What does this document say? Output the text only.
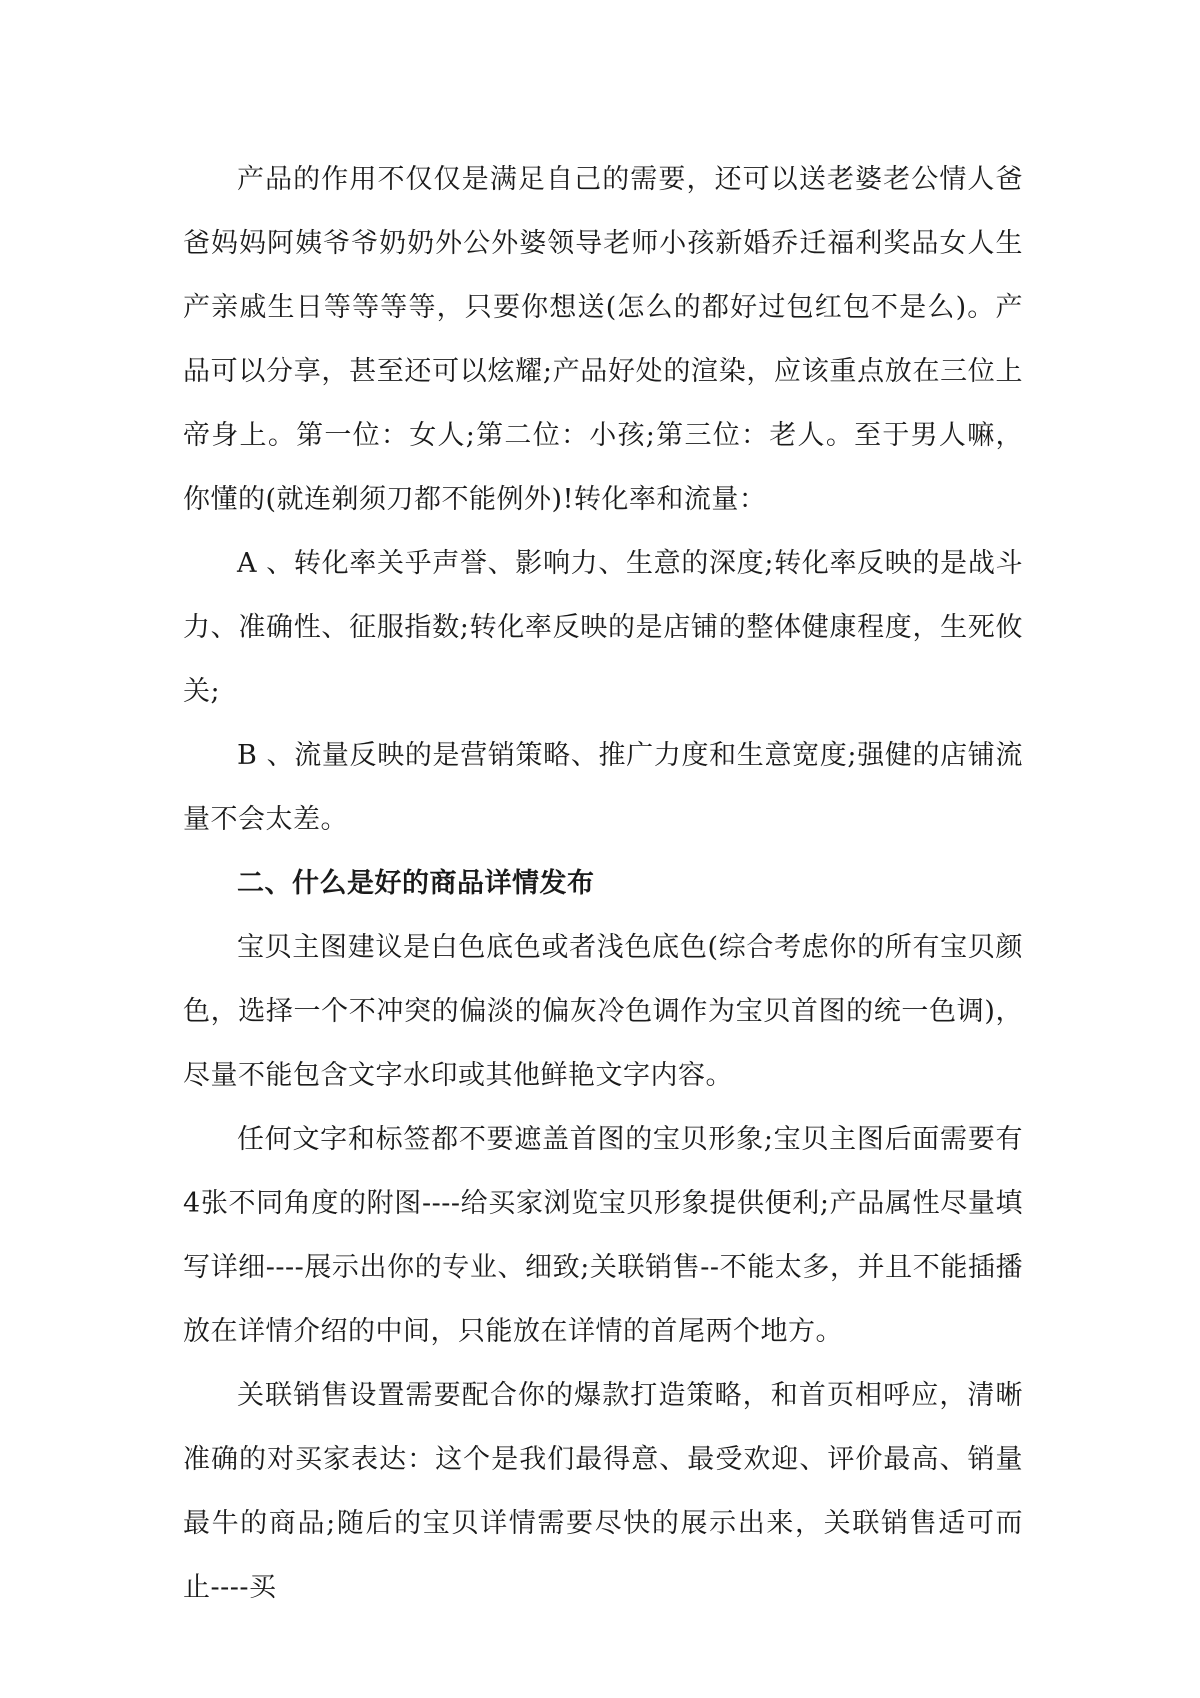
产品的作用不仅仅是满足自己的需要，还可以送老婆老公情人爸爸妈妈阿姨爷爷奶奶外公外婆领导老师小孩新婚乔迁福利奖品女人生产亲戚生日等等等等，只要你想送(怎么的都好过包红包不是么)。产品可以分享，甚至还可以炫耀;产品好处的渲染，应该重点放在三位上帝身上。第一位：女人;第二位：小孩;第三位：老人。至于男人嘛，你懂的(就连剃须刀都不能例外)!转化率和流量：

A 、转化率关乎声誉、影响力、生意的深度;转化率反映的是战斗力、准确性、征服指数;转化率反映的是店铺的整体健康程度，生死攸关;

B 、流量反映的是营销策略、推广力度和生意宽度;强健的店铺流量不会太差。

二、什么是好的商品详情发布

宝贝主图建议是白色底色或者浅色底色(综合考虑你的所有宝贝颜色，选择一个不冲突的偏淡的偏灰冷色调作为宝贝首图的统一色调)，尽量不能包含文字水印或其他鲜艳文字内容。

任何文字和标签都不要遮盖首图的宝贝形象;宝贝主图后面需要有4张不同角度的附图----给买家浏览宝贝形象提供便利;产品属性尽量填写详细----展示出你的专业、细致;关联销售--不能太多，并且不能插播放在详情介绍的中间，只能放在详情的首尾两个地方。

关联销售设置需要配合你的爆款打造策略，和首页相呼应，清晰准确的对买家表达：这个是我们最得意、最受欢迎、评价最高、销量最牛的商品;随后的宝贝详情需要尽快的展示出来，关联销售适可而止----买
